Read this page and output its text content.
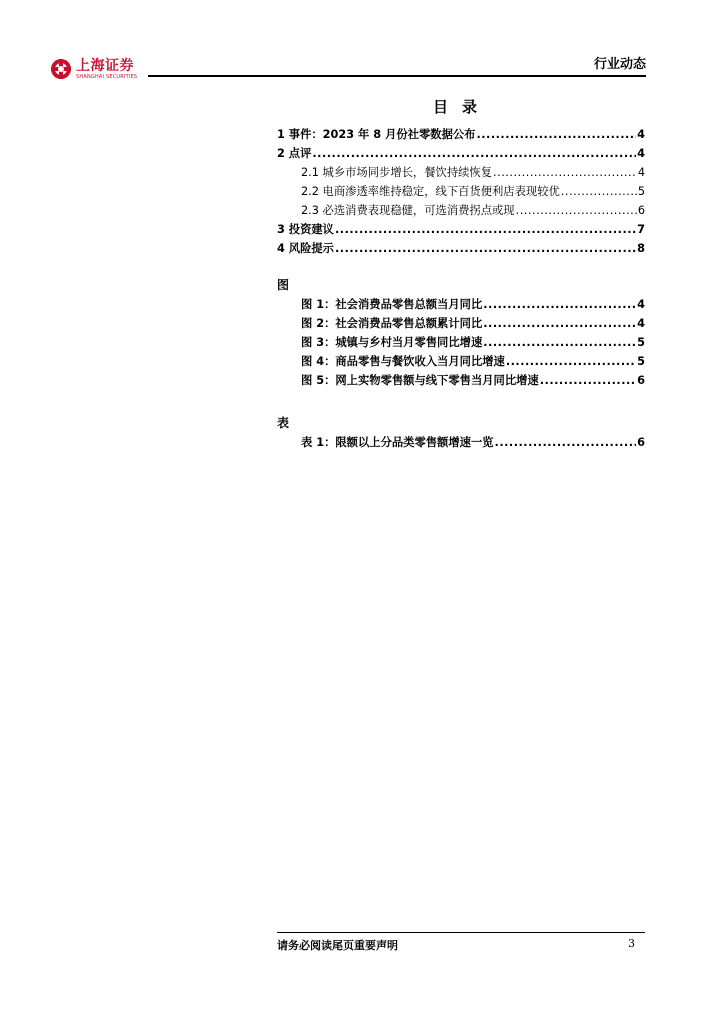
上海证券
SHANGHAI SECURITIES
行业动态
目录
1 事件：2023 年 8 月份社零数据公布 .....	4
2 点评 .....	4
2.1 城乡市场同步增长，餐饮持续恢复 .....	4
2.2 电商渗透率维持稳定，线下百货便利店表现较优 .....	5
2.3 必选消费表现稳健，可选消费拐点或现 .....	6
3 投资建议 .....	7
4 风险提示 .....	8
图
图 1：社会消费品零售总额当月同比 .....	4
图 2：社会消费品零售总额累计同比 .....	4
图 3：城镇与乡村当月零售同比增速 .....	5
图 4：商品零售与餐饮收入当月同比增速 .....	5
图 5：网上实物零售额与线下零售当月同比增速 .....	6
表
表 1：限额以上分品类零售额增速一览 .....	6
请务必阅读尾页重要声明	3
